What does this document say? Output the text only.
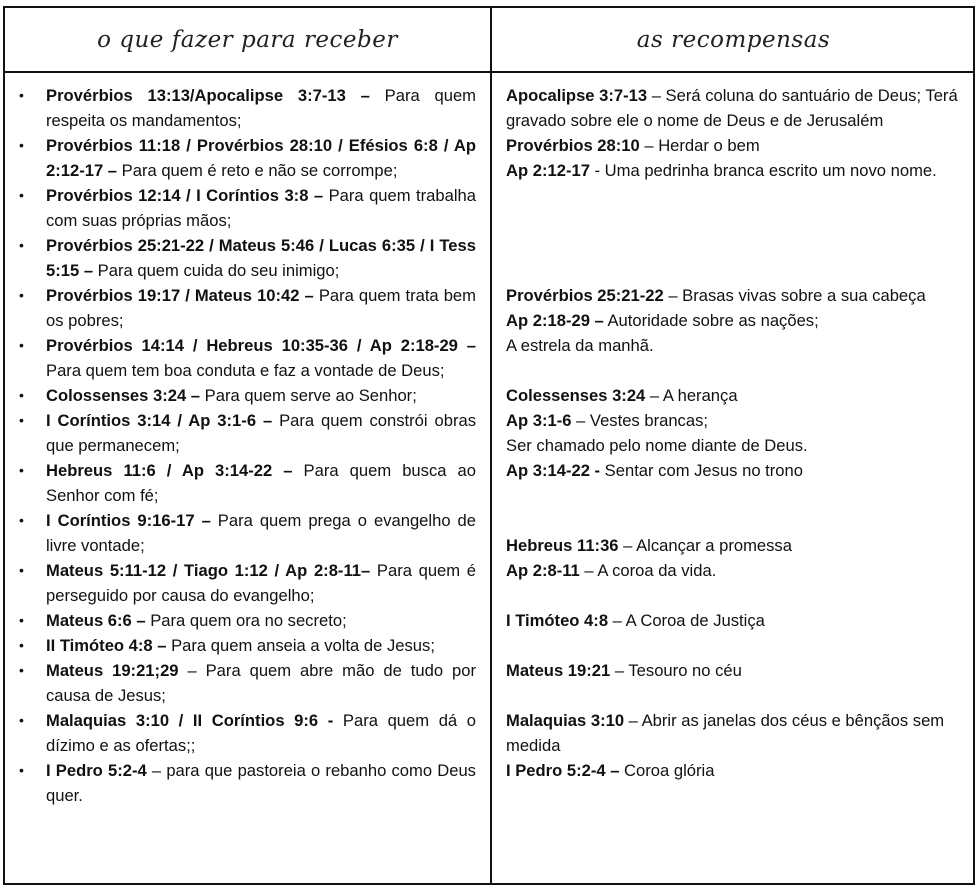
o que fazer para receber	as recompensas
• Provérbios 13:13/Apocalipse 3:7-13 – Para quem respeita os mandamentos;
• Provérbios 11:18 / Provérbios 28:10 / Efésios 6:8 / Ap 2:12-17 – Para quem é reto e não se corrompe;
• Provérbios 12:14 / I Coríntios 3:8 – Para quem trabalha com suas próprias mãos;
• Provérbios 25:21-22 / Mateus 5:46 / Lucas 6:35 / I Tess 5:15 – Para quem cuida do seu inimigo;
• Provérbios 19:17 / Mateus 10:42 – Para quem trata bem os pobres;
• Provérbios 14:14 / Hebreus 10:35-36 / Ap 2:18-29 – Para quem tem boa conduta e faz a vontade de Deus;
• Colossenses 3:24 – Para quem serve ao Senhor;
• I Coríntios 3:14 / Ap 3:1-6 – Para quem constrói obras que permanecem;
• Hebreus 11:6 / Ap 3:14-22 – Para quem busca ao Senhor com fé;
• I Coríntios 9:16-17 – Para quem prega o evangelho de livre vontade;
• Mateus 5:11-12 / Tiago 1:12 / Ap 2:8-11– Para quem é perseguido por causa do evangelho;
• Mateus 6:6 – Para quem ora no secreto;
• II Timóteo 4:8 – Para quem anseia a volta de Jesus;
• Mateus 19:21;29 – Para quem abre mão de tudo por causa de Jesus;
• Malaquias 3:10 / II Coríntios 9:6 - Para quem dá o dízimo e as ofertas;;
• I Pedro 5:2-4 – para que pastoreia o rebanho como Deus quer.
Apocalipse 3:7-13 – Será coluna do santuário de Deus; Terá gravado sobre ele o nome de Deus e de Jerusalém
Provérbios 28:10 – Herdar o bem
Ap 2:12-17 - Uma pedrinha branca escrito um novo nome.
Provérbios 25:21-22 – Brasas vivas sobre a sua cabeça
Ap 2:18-29 – Autoridade sobre as nações;
A estrela da manhã.
Colessenses 3:24 – A herança
Ap 3:1-6 – Vestes brancas;
Ser chamado pelo nome diante de Deus.
Ap 3:14-22 - Sentar com Jesus no trono
Hebreus 11:36 – Alcançar a promessa
Ap 2:8-11 – A coroa da vida.
I Timóteo 4:8 – A Coroa de Justiça
Mateus 19:21 – Tesouro no céu
Malaquias 3:10 – Abrir as janelas dos céus e bênçãos sem medida
I Pedro 5:2-4 – Coroa glória
